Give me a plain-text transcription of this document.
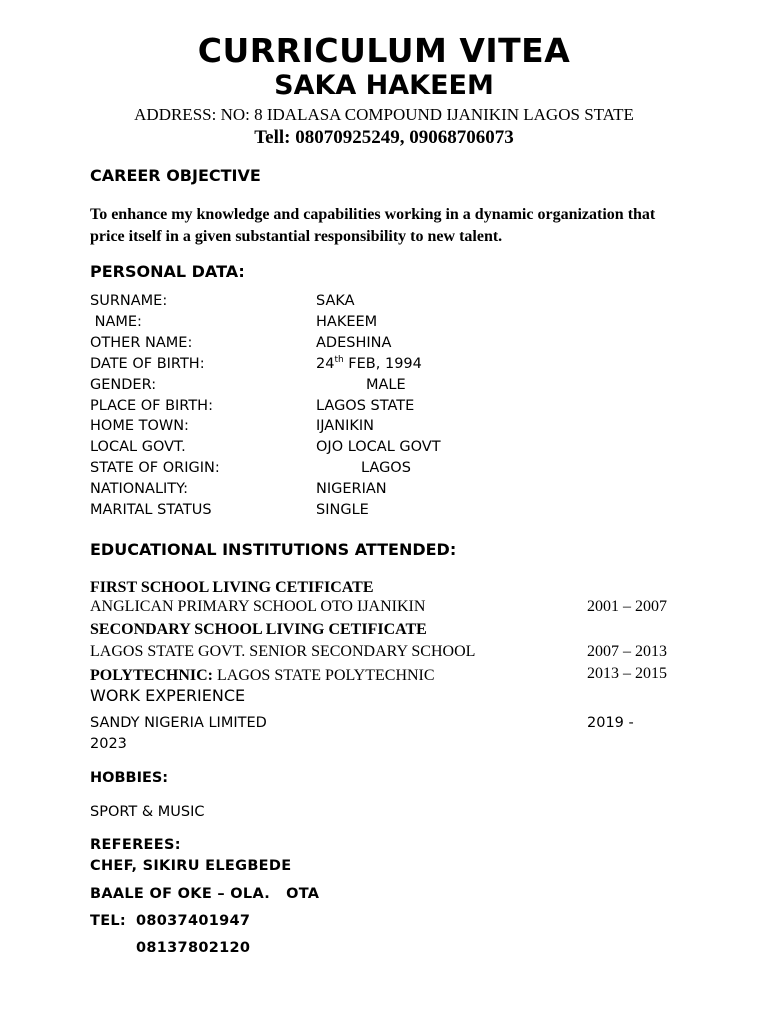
CURRICULUM VITEA
SAKA HAKEEM
ADDRESS: NO: 8 IDALASA COMPOUND IJANIKIN LAGOS STATE
Tell: 08070925249, 09068706073
CAREER OBJECTIVE
To enhance my knowledge and capabilities working in a dynamic organization that price itself in a given substantial responsibility to new talent.
PERSONAL DATA:
SURNAME:	SAKA
NAME:	HAKEEM
OTHER NAME:	ADESHINA
DATE OF BIRTH:	24th FEB, 1994
GENDER:	MALE
PLACE OF BIRTH:	LAGOS STATE
HOME TOWN:	IJANIKIN
LOCAL GOVT.	OJO LOCAL GOVT
STATE OF ORIGIN:	LAGOS
NATIONALITY:	NIGERIAN
MARITAL STATUS	SINGLE
EDUCATIONAL INSTITUTIONS ATTENDED:
FIRST SCHOOL LIVING CETIFICATE
ANGLICAN PRIMARY SCHOOL OTO IJANIKIN	2001 – 2007
SECONDARY SCHOOL LIVING CETIFICATE
LAGOS STATE GOVT. SENIOR SECONDARY SCHOOL	2007 – 2013
POLYTECHNIC: LAGOS STATE POLYTECHNIC	2013 – 2015
WORK EXPERIENCE
SANDY NIGERIA LIMITED	2019 -
2023
HOBBIES:
SPORT & MUSIC
REFEREES:
CHEF, SIKIRU ELEGBEDE
BAALE OF OKE – OLA.   OTA
TEL: 08037401947
08137802120
